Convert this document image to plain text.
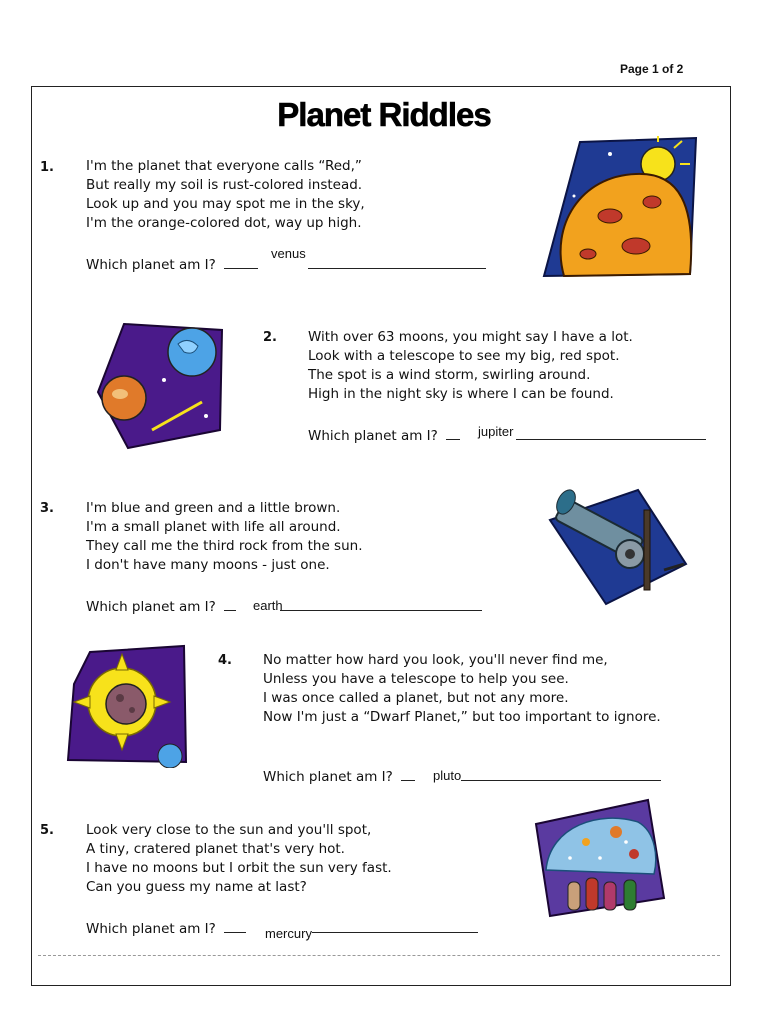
Page 1 of 2
Planet Riddles
1. I'm the planet that everyone calls “Red,”
But really my soil is rust-colored instead.
Look up and you may spot me in the sky,
I'm the orange-colored dot, way up high.
Which planet am I?
venus
2. With over 63 moons, you might say I have a lot.
Look with a telescope to see my big, red spot.
The spot is a wind storm, swirling around.
High in the night sky is where I can be found.
Which planet am I?	jupiter
3. I'm blue and green and a little brown.
I'm a small planet with life all around.
They call me the third rock from the sun.
I don't have many moons - just one.
Which planet am I?	earth
4. No matter how hard you look, you'll never find me,
Unless you have a telescope to help you see.
I was once called a planet, but not any more.
Now I'm just a “Dwarf Planet,” but too important to ignore.
Which planet am I?	pluto
5. Look very close to the sun and you'll spot,
A tiny, cratered planet that's very hot.
I have no moons but I orbit the sun very fast.
Can you guess my name at last?
Which planet am I?	mercury
